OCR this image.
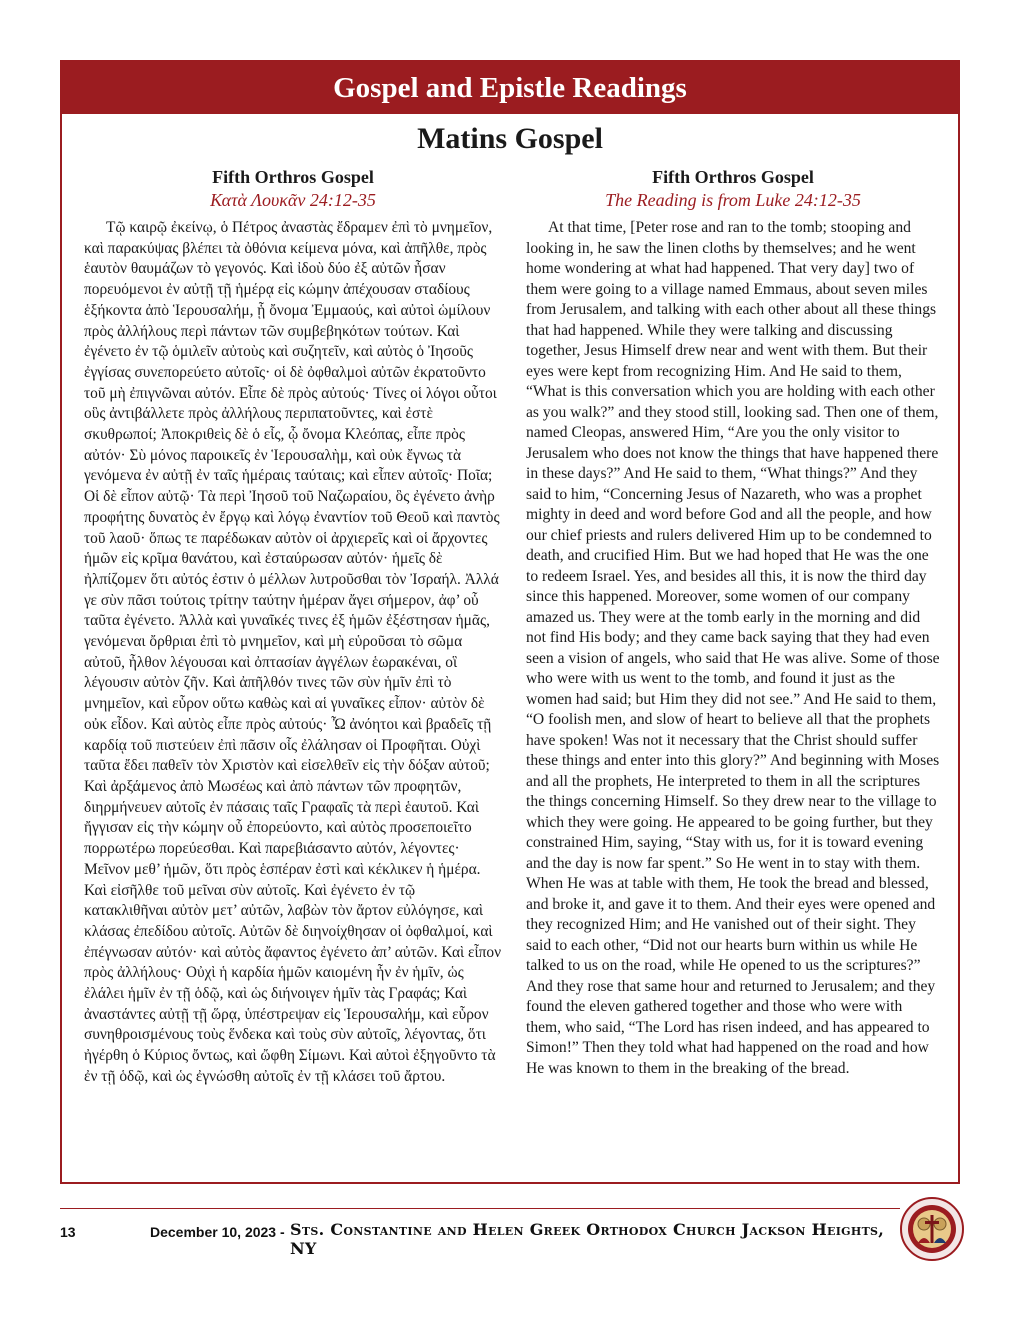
Gospel and Epistle Readings
Matins Gospel
Fifth Orthros Gospel
Κατὰ Λουκᾶν 24:12-35

Τῷ καιρῷ ἐκείνῳ, ὁ Πέτρος ἀναστὰς ἔδραμεν ἐπὶ τὸ μνημεῖον, καὶ παρακύψας βλέπει τὰ ὀθόνια κείμενα μόνα, καὶ ἀπῆλθε, πρὸς ἑαυτὸν θαυμάζων τὸ γεγονός. Καὶ ἰδοὺ δύο ἐξ αὐτῶν ἦσαν πορευόμενοι ἐν αὐτῇ τῇ ἡμέρᾳ εἰς κώμην ἀπέχουσαν σταδίους ἑξήκοντα ἀπὸ Ἱερουσαλήμ, ᾗ ὄνομα Ἐμμαούς, καὶ αὐτοὶ ὡμίλουν πρὸς ἀλλήλους περὶ πάντων τῶν συμβεβηκότων τούτων. Καὶ ἐγένετο ἐν τῷ ὁμιλεῖν αὐτοὺς καὶ συζητεῖν, καὶ αὐτὸς ὁ Ἰησοῦς ἐγγίσας συνεπορεύετο αὐτοῖς· οἱ δὲ ὀφθαλμοὶ αὐτῶν ἐκρατοῦντο τοῦ μὴ ἐπιγνῶναι αὐτόν. Εἶπε δὲ πρὸς αὐτούς· Τίνες οἱ λόγοι οὗτοι οὓς ἀντιβάλλετε πρὸς ἀλλήλους περιπατοῦντες, καὶ ἐστὲ σκυθρωποί; Ἀποκριθεὶς δὲ ὁ εἷς, ᾧ ὄνομα Κλεόπας, εἶπε πρὸς αὐτόν· Σὺ μόνος παροικεῖς ἐν Ἱερουσαλὴμ, καὶ οὐκ ἔγνως τὰ γενόμενα ἐν αὐτῇ ἐν ταῖς ἡμέραις ταύταις; καὶ εἶπεν αὐτοῖς· Ποῖα; Οἱ δὲ εἶπον αὐτῷ· Τὰ περὶ Ἰησοῦ τοῦ Ναζωραίου, ὃς ἐγένετο ἀνὴρ προφήτης δυνατὸς ἐν ἔργῳ καὶ λόγῳ ἐναντίον τοῦ Θεοῦ καὶ παντὸς τοῦ λαοῦ· ὅπως τε παρέδωκαν αὐτὸν οἱ ἀρχιερεῖς καὶ οἱ ἄρχοντες ἡμῶν εἰς κρῖμα θανάτου, καὶ ἐσταύρωσαν αὐτόν· ἡμεῖς δὲ ἠλπίζομεν ὅτι αὐτός ἐστιν ὁ μέλλων λυτροῦσθαι τὸν Ἰσραήλ. Ἀλλά γε σὺν πᾶσι τούτοις τρίτην ταύτην ἡμέραν ἄγει σήμερον, ἀφ’ οὗ ταῦτα ἐγένετο. Ἀλλὰ καὶ γυναῖκές τινες ἐξ ἡμῶν ἐξέστησαν ἡμᾶς, γενόμεναι ὄρθριαι ἐπὶ τὸ μνημεῖον, καὶ μὴ εὑροῦσαι τὸ σῶμα αὐτοῦ, ἦλθον λέγουσαι καὶ ὀπτασίαν ἀγγέλων ἑωρακέναι, οἳ λέγουσιν αὐτὸν ζῆν. Καὶ ἀπῆλθόν τινες τῶν σὺν ἡμῖν ἐπὶ τὸ μνημεῖον, καὶ εὗρον οὕτω καθὼς καὶ αἱ γυναῖκες εἶπον· αὐτὸν δὲ οὐκ εἶδον. Καὶ αὐτὸς εἶπε πρὸς αὐτούς· Ὦ ἀνόητοι καὶ βραδεῖς τῇ καρδίᾳ τοῦ πιστεύειν ἐπὶ πᾶσιν οἷς ἐλάλησαν οἱ Προφῆται. Οὐχὶ ταῦτα ἔδει παθεῖν τὸν Χριστὸν καὶ εἰσελθεῖν εἰς τὴν δόξαν αὐτοῦ; Καὶ ἀρξάμενος ἀπὸ Μωσέως καὶ ἀπὸ πάντων τῶν προφητῶν, διηρμήνευεν αὐτοῖς ἐν πάσαις ταῖς Γραφαῖς τὰ περὶ ἑαυτοῦ. Καὶ ἤγγισαν εἰς τὴν κώμην οὗ ἐπορεύοντο, καὶ αὐτὸς προσεποιεῖτο πορρωτέρω πορεύεσθαι. Καὶ παρεβιάσαντο αὐτόν, λέγοντες· Μεῖνον μεθ’ ἡμῶν, ὅτι πρὸς ἑσπέραν ἐστὶ καὶ κέκλικεν ἡ ἡμέρα. Καὶ εἰσῆλθε τοῦ μεῖναι σὺν αὐτοῖς. Καὶ ἐγένετο ἐν τῷ κατακλιθῆναι αὐτὸν μετ’ αὐτῶν, λαβὼν τὸν ἄρτον εὐλόγησε, καὶ κλάσας ἐπεδίδου αὐτοῖς. Αὐτῶν δὲ διηνοίχθησαν οἱ ὀφθαλμοί, καὶ ἐπέγνωσαν αὐτόν· καὶ αὐτὸς ἄφαντος ἐγένετο ἀπ’ αὐτῶν. Καὶ εἶπον πρὸς ἀλλήλους· Οὐχὶ ἡ καρδία ἡμῶν καιομένη ἦν ἐν ἡμῖν, ὡς ἐλάλει ἡμῖν ἐν τῇ ὁδῷ, καὶ ὡς διήνοιγεν ἡμῖν τὰς Γραφάς; Καὶ ἀναστάντες αὐτῇ τῇ ὥρᾳ, ὑπέστρεψαν εἰς Ἱερουσαλήμ, καὶ εὗρον συνηθροισμένους τοὺς ἕνδεκα καὶ τοὺς σὺν αὐτοῖς, λέγοντας, ὅτι ἠγέρθη ὁ Κύριος ὄντως, καὶ ὤφθη Σίμωνι. Καὶ αὐτοὶ ἐξηγοῦντο τὰ ἐν τῇ ὁδῷ, καὶ ὡς ἐγνώσθη αὐτοῖς ἐν τῇ κλάσει τοῦ ἄρτου.

Fifth Orthros Gospel
The Reading is from Luke 24:12-35

At that time, [Peter rose and ran to the tomb; stooping and looking in, he saw the linen cloths by themselves; and he went home wondering at what had happened. That very day] two of them were going to a village named Emmaus, about seven miles from Jerusalem, and talking with each other about all these things that had happened. While they were talking and discussing together, Jesus Himself drew near and went with them. But their eyes were kept from recognizing Him. And He said to them, “What is this conversation which you are holding with each other as you walk?” and they stood still, looking sad. Then one of them, named Cleopas, answered Him, “Are you the only visitor to Jerusalem who does not know the things that have happened there in these days?” And He said to them, “What things?” And they said to him, “Concerning Jesus of Nazareth, who was a prophet mighty in deed and word before God and all the people, and how our chief priests and rulers delivered Him up to be condemned to death, and crucified Him. But we had hoped that He was the one to redeem Israel. Yes, and besides all this, it is now the third day since this happened. Moreover, some women of our company amazed us. They were at the tomb early in the morning and did not find His body; and they came back saying that they had even seen a vision of angels, who said that He was alive. Some of those who were with us went to the tomb, and found it just as the women had said; but Him they did not see.” And He said to them, “O foolish men, and slow of heart to believe all that the prophets have spoken! Was not it necessary that the Christ should suffer these things and enter into this glory?” And beginning with Moses and all the prophets, He interpreted to them in all the scriptures the things concerning Himself. So they drew near to the village to which they were going. He appeared to be going further, but they constrained Him, saying, “Stay with us, for it is toward evening and the day is now far spent.” So He went in to stay with them. When He was at table with them, He took the bread and blessed, and broke it, and gave it to them. And their eyes were opened and they recognized Him; and He vanished out of their sight. They said to each other, “Did not our hearts burn within us while He talked to us on the road, while He opened to us the scriptures?” And they rose that same hour and returned to Jerusalem; and they found the eleven gathered together and those who were with them, who said, “The Lord has risen indeed, and has appeared to Simon!” Then they told what had happened on the road and how He was known to them in the breaking of the bread.

13	December 10, 2023 - Sts. Constantine and Helen Greek Orthodox Church Jackson Heights, NY
